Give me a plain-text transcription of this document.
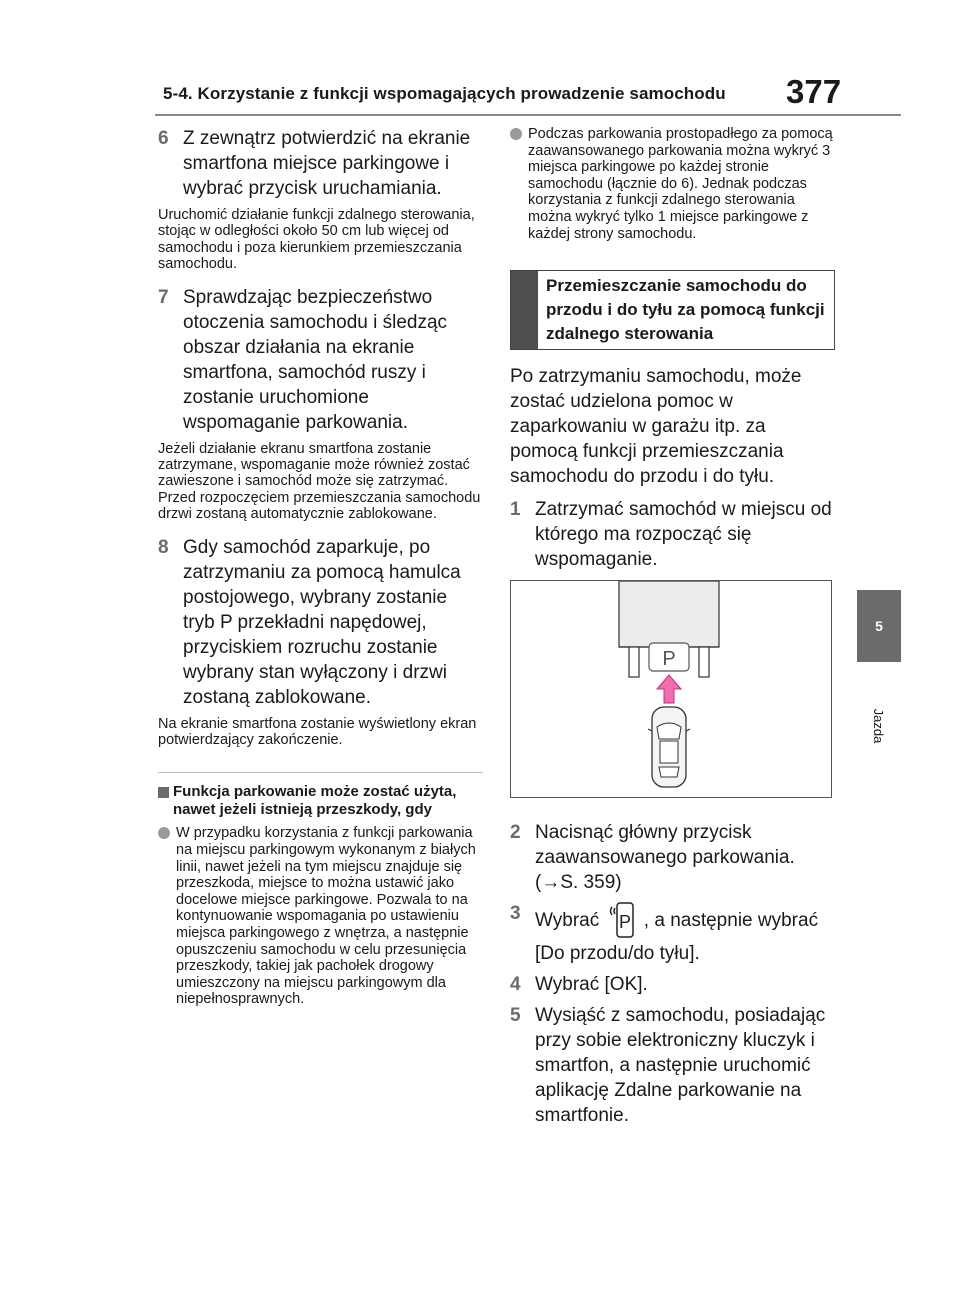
5-4. Korzystanie z funkcji wspomagających prowadzenie samochodu 377
5
Jazda
6 Z zewnątrz potwierdzić na ekranie smartfona miejsce parkingowe i wybrać przycisk uruchamiania.
Uruchomić działanie funkcji zdalnego sterowania, stojąc w odległości około 50 cm lub więcej od samochodu i poza kierunkiem przemieszczania samochodu.
7 Sprawdzając bezpieczeństwo otoczenia samochodu i śledząc obszar działania na ekranie smartfona, samochód ruszy i zostanie uruchomione wspomaganie parkowania.
Jeżeli działanie ekranu smartfona zostanie zatrzymane, wspomaganie może również zostać zawieszone i samochód może się zatrzymać. Przed rozpoczęciem przemieszczania samochodu drzwi zostaną automatycznie zablokowane.
8 Gdy samochód zaparkuje, po zatrzymaniu za pomocą hamulca postojowego, wybrany zostanie tryb P przekładni napędowej, przyciskiem rozruchu zostanie wybrany stan wyłączony i drzwi zostaną zablokowane.
Na ekranie smartfona zostanie wyświetlony ekran potwierdzający zakończenie.
Funkcja parkowanie może zostać użyta, nawet jeżeli istnieją przeszkody, gdy
W przypadku korzystania z funkcji parkowania na miejscu parkingowym wykonanym z białych linii, nawet jeżeli na tym miejscu znajduje się przeszkoda, miejsce to można ustawić jako docelowe miejsce parkingowe. Pozwala to na kontynuowanie wspomagania po ustawieniu miejsca parkingowego z wnętrza, a następnie opuszczeniu samochodu w celu przesunięcia przeszkody, takiej jak pachołek drogowy umieszczony na miejscu parkingowym dla niepełnosprawnych.
Podczas parkowania prostopadłego za pomocą zaawansowanego parkowania można wykryć 3 miejsca parkingowe po każdej stronie samochodu (łącznie do 6). Jednak podczas korzystania z funkcji zdalnego sterowania można wykryć tylko 1 miejsce parkingowe z każdej strony samochodu.
Przemieszczanie samochodu do przodu i do tyłu za pomocą funkcji zdalnego sterowania
Po zatrzymaniu samochodu, może zostać udzielona pomoc w zaparkowaniu w garażu itp. za pomocą funkcji przemieszczania samochodu do przodu i do tyłu.
1 Zatrzymać samochód w miejscu od którego ma rozpocząć się wspomaganie.
P
2 Nacisnąć główny przycisk zaawansowanego parkowania. (→S. 359)
3 Wybrać P , a następnie wybrać [Do przodu/do tyłu].
4 Wybrać [OK].
5 Wysiąść z samochodu, posiadając przy sobie elektroniczny kluczyk i smartfon, a następnie uruchomić aplikację Zdalne parkowanie na smartfonie.
